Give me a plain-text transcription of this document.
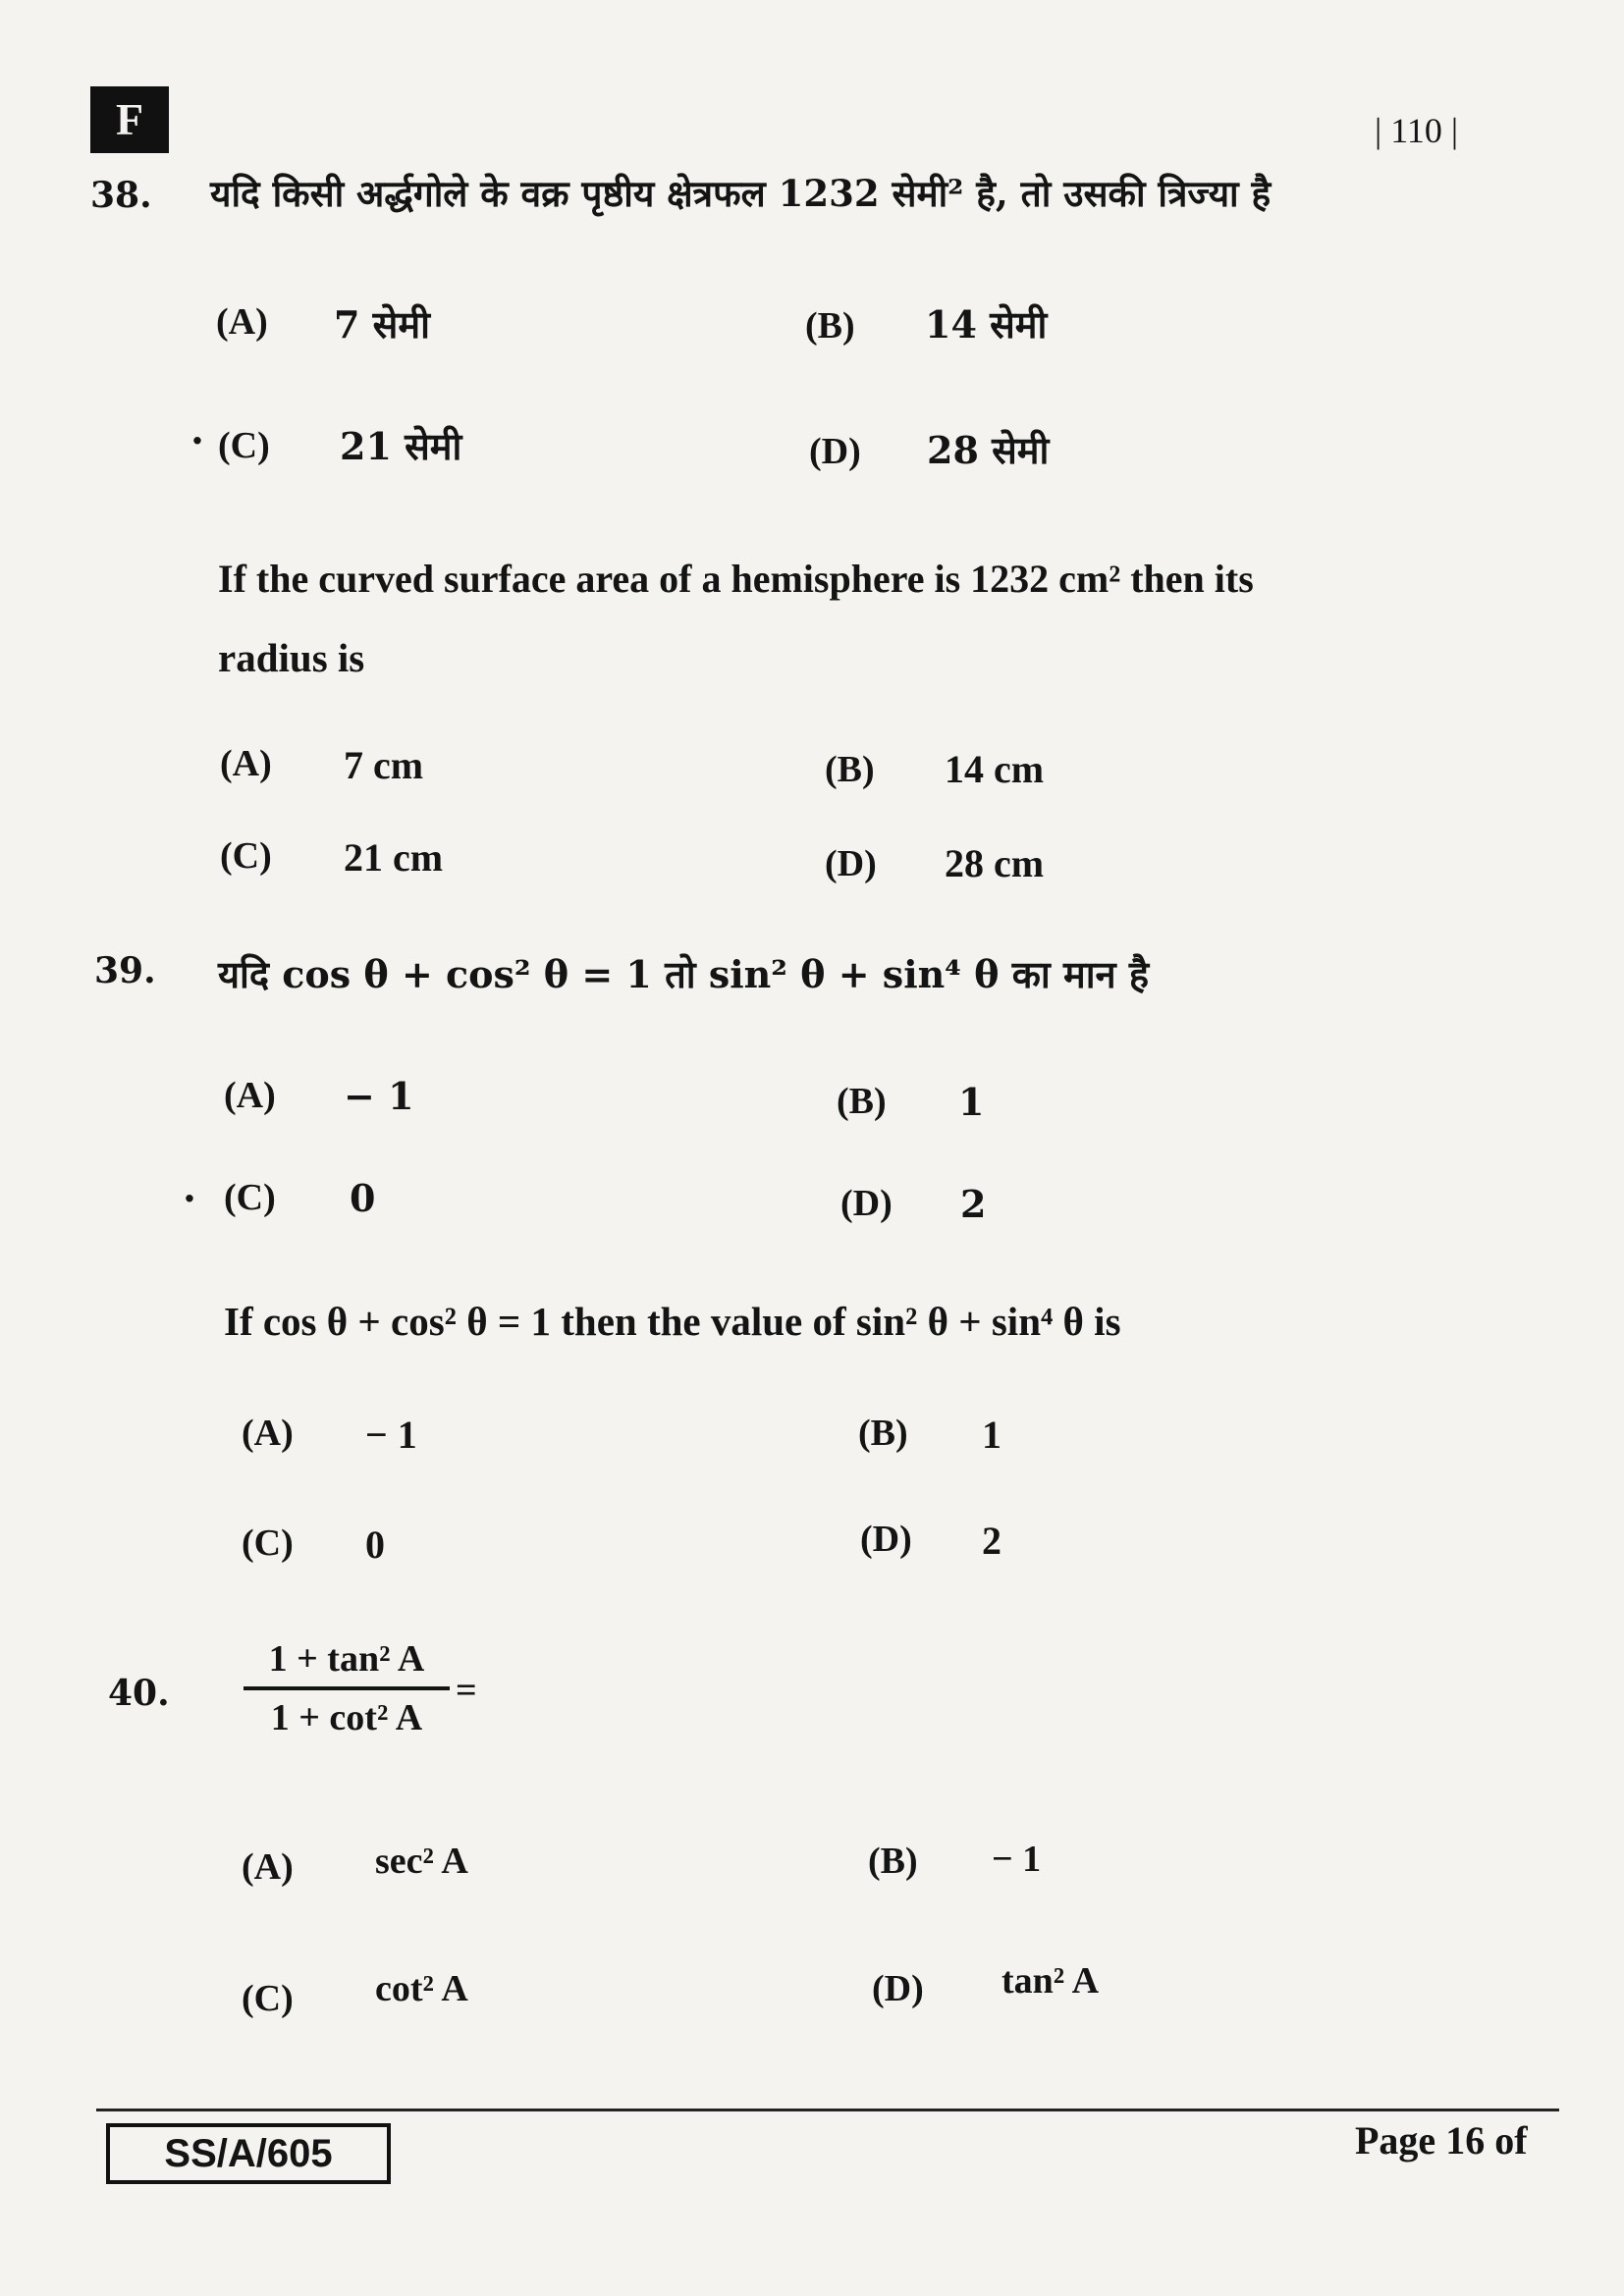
F	| 110 |
38. यदि किसी अर्द्धगोले के वक्र पृष्ठीय क्षेत्रफल 1232 सेमी² है, तो उसकी त्रिज्या है
(A) 7 सेमी	(B) 14 सेमी
· (C) 21 सेमी	(D) 28 सेमी
If the curved surface area of a hemisphere is 1232 cm² then its
radius is
(A) 7 cm	(B) 14 cm
(C) 21 cm	(D) 28 cm
39. यदि cos θ + cos² θ = 1 तो sin² θ + sin⁴ θ का मान है
(A) − 1	(B) 1
· (C) 0	(D) 2
If cos θ + cos² θ = 1 then the value of sin² θ + sin⁴ θ is
(A) − 1	(B) 1
(C) 0	(D) 2
40. $\frac{\text{1 + tan² A}}{\text{1 + cot² A}}$ =
(A) sec² A	(B) − 1
(C) cot² A	(D) tan² A
SS/A/605	Page 16 of
